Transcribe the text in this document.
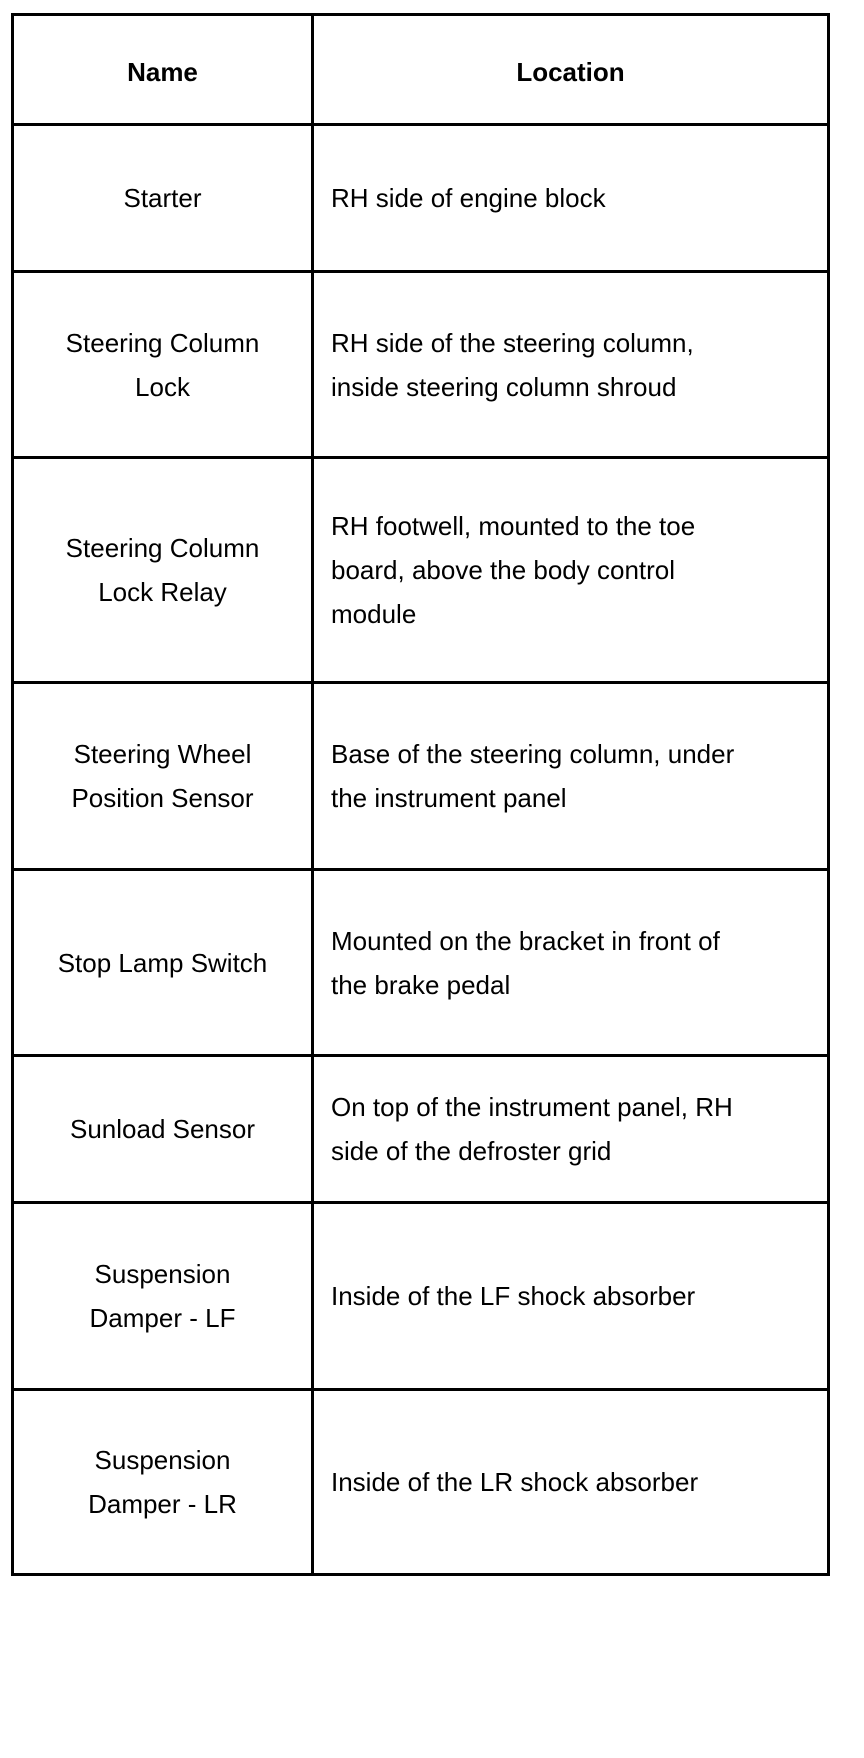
Name	Location

Starter	RH side of engine block

Steering Column
Lock	RH side of the steering column,
inside steering column shroud

Steering Column
Lock Relay	RH footwell, mounted to the toe
board, above the body control
module

Steering Wheel
Position Sensor	Base of the steering column, under
the instrument panel

Stop Lamp Switch	Mounted on the bracket in front of
the brake pedal

Sunload Sensor	On top of the instrument panel, RH
side of the defroster grid

Suspension
Damper - LF	Inside of the LF shock absorber

Suspension
Damper - LR	Inside of the LR shock absorber
